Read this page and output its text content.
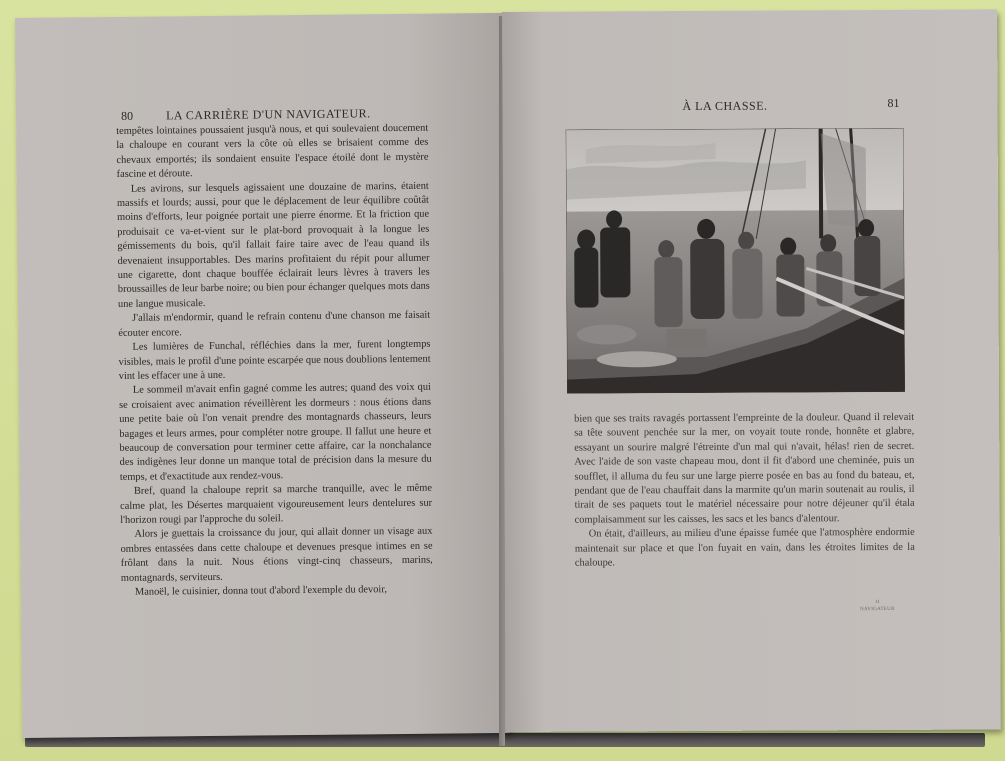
80	LA CARRIÈRE D'UN NAVIGATEUR.

tempêtes lointaines poussaient jusqu'à nous, et qui soulevaient doucement la chaloupe en courant vers la côte où elles se brisaient comme des chevaux emportés; ils sondaient ensuite l'espace étoilé dont le mystère fascine et déroute.

Les avirons, sur lesquels agissaient une douzaine de marins, étaient massifs et lourds; aussi, pour que le déplacement de leur équilibre coûtât moins d'efforts, leur poignée portait une pierre énorme. Et la friction que produisait ce va-et-vient sur le plat-bord provoquait à la longue les gémissements du bois, qu'il fallait faire taire avec de l'eau quand ils devenaient insupportables. Des marins profitaient du répit pour allumer une cigarette, dont chaque bouffée éclairait leurs lèvres à travers les broussailles de leur barbe noire; ou bien pour échanger quelques mots dans une langue musicale.

J'allais m'endormir, quand le refrain contenu d'une chanson me faisait écouter encore.

Les lumières de Funchal, réfléchies dans la mer, furent longtemps visibles, mais le profil d'une pointe escarpée que nous doublions lentement vint les effacer une à une.

Le sommeil m'avait enfin gagné comme les autres; quand des voix qui se croisaient avec animation réveillèrent les dormeurs : nous étions dans une petite baie où l'on venait prendre des montagnards chasseurs, leurs bagages et leurs armes, pour compléter notre groupe. Il fallut une heure et beaucoup de conversation pour terminer cette affaire, car la nonchalance des indigènes leur donne un manque total de précision dans la mesure du temps, et d'exactitude aux rendez-vous.

Bref, quand la chaloupe reprit sa marche tranquille, avec le même calme plat, les Désertes marquaient vigoureusement leurs dentelures sur l'horizon rougi par l'approche du soleil.

Alors je guettais la croissance du jour, qui allait donner un visage aux ombres entassées dans cette chaloupe et devenues presque intimes en se frôlant dans la nuit. Nous étions vingt-cinq chasseurs, marins, montagnards, serviteurs.

Manoël, le cuisinier, donna tout d'abord l'exemple du devoir,

À LA CHASSE.	81

bien que ses traits ravagés portassent l'empreinte de la douleur. Quand il relevait sa tête souvent penchée sur la mer, on voyait toute ronde, honnête et glabre, essayant un sourire malgré l'étreinte d'un mal qui n'avait, hélas! rien de secret. Avec l'aide de son vaste chapeau mou, dont il fit d'abord une cheminée, puis un soufflet, il alluma du feu sur une large pierre posée en bas au fond du bateau, et, pendant que de l'eau chauffait dans la marmite qu'un marin soutenait au roulis, il tirait de ses paquets tout le matériel nécessaire pour notre déjeuner qu'il étala complaisamment sur les caisses, les sacs et les bancs d'alentour.

On était, d'ailleurs, au milieu d'une épaisse fumée que l'atmosphère endormie maintenait sur place et que l'on fuyait en vain, dans les étroites limites de la chaloupe.

11
NAVIGATEUR
